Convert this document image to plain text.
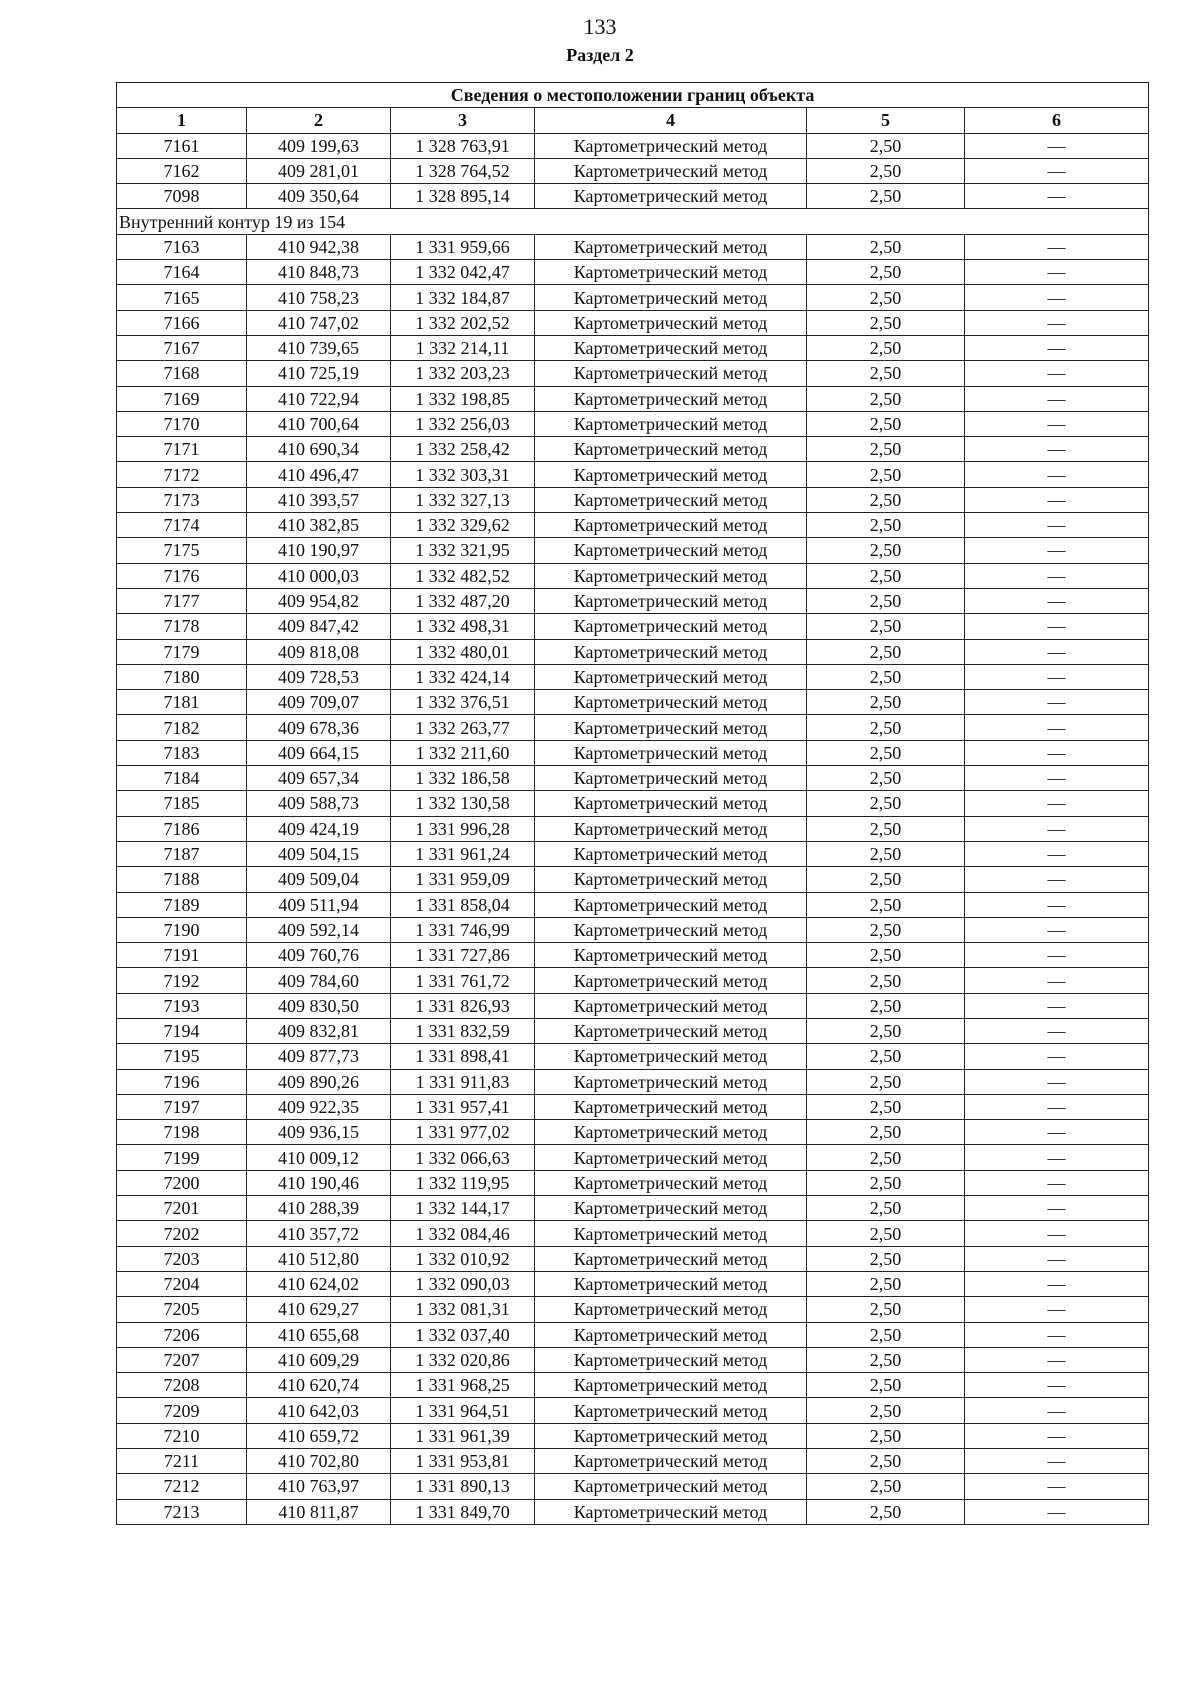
133
Раздел 2
Сведения о местоположении границ объекта					
1	2	3	4	5	6
7161	409 199,63	1 328 763,91	Картометрический метод	2,50	—
7162	409 281,01	1 328 764,52	Картометрический метод	2,50	—
7098	409 350,64	1 328 895,14	Картометрический метод	2,50	—
Внутренний контур 19 из 154					
7163	410 942,38	1 331 959,66	Картометрический метод	2,50	—
7164	410 848,73	1 332 042,47	Картометрический метод	2,50	—
7165	410 758,23	1 332 184,87	Картометрический метод	2,50	—
7166	410 747,02	1 332 202,52	Картометрический метод	2,50	—
7167	410 739,65	1 332 214,11	Картометрический метод	2,50	—
7168	410 725,19	1 332 203,23	Картометрический метод	2,50	—
7169	410 722,94	1 332 198,85	Картометрический метод	2,50	—
7170	410 700,64	1 332 256,03	Картометрический метод	2,50	—
7171	410 690,34	1 332 258,42	Картометрический метод	2,50	—
7172	410 496,47	1 332 303,31	Картометрический метод	2,50	—
7173	410 393,57	1 332 327,13	Картометрический метод	2,50	—
7174	410 382,85	1 332 329,62	Картометрический метод	2,50	—
7175	410 190,97	1 332 321,95	Картометрический метод	2,50	—
7176	410 000,03	1 332 482,52	Картометрический метод	2,50	—
7177	409 954,82	1 332 487,20	Картометрический метод	2,50	—
7178	409 847,42	1 332 498,31	Картометрический метод	2,50	—
7179	409 818,08	1 332 480,01	Картометрический метод	2,50	—
7180	409 728,53	1 332 424,14	Картометрический метод	2,50	—
7181	409 709,07	1 332 376,51	Картометрический метод	2,50	—
7182	409 678,36	1 332 263,77	Картометрический метод	2,50	—
7183	409 664,15	1 332 211,60	Картометрический метод	2,50	—
7184	409 657,34	1 332 186,58	Картометрический метод	2,50	—
7185	409 588,73	1 332 130,58	Картометрический метод	2,50	—
7186	409 424,19	1 331 996,28	Картометрический метод	2,50	—
7187	409 504,15	1 331 961,24	Картометрический метод	2,50	—
7188	409 509,04	1 331 959,09	Картометрический метод	2,50	—
7189	409 511,94	1 331 858,04	Картометрический метод	2,50	—
7190	409 592,14	1 331 746,99	Картометрический метод	2,50	—
7191	409 760,76	1 331 727,86	Картометрический метод	2,50	—
7192	409 784,60	1 331 761,72	Картометрический метод	2,50	—
7193	409 830,50	1 331 826,93	Картометрический метод	2,50	—
7194	409 832,81	1 331 832,59	Картометрический метод	2,50	—
7195	409 877,73	1 331 898,41	Картометрический метод	2,50	—
7196	409 890,26	1 331 911,83	Картометрический метод	2,50	—
7197	409 922,35	1 331 957,41	Картометрический метод	2,50	—
7198	409 936,15	1 331 977,02	Картометрический метод	2,50	—
7199	410 009,12	1 332 066,63	Картометрический метод	2,50	—
7200	410 190,46	1 332 119,95	Картометрический метод	2,50	—
7201	410 288,39	1 332 144,17	Картометрический метод	2,50	—
7202	410 357,72	1 332 084,46	Картометрический метод	2,50	—
7203	410 512,80	1 332 010,92	Картометрический метод	2,50	—
7204	410 624,02	1 332 090,03	Картометрический метод	2,50	—
7205	410 629,27	1 332 081,31	Картометрический метод	2,50	—
7206	410 655,68	1 332 037,40	Картометрический метод	2,50	—
7207	410 609,29	1 332 020,86	Картометрический метод	2,50	—
7208	410 620,74	1 331 968,25	Картометрический метод	2,50	—
7209	410 642,03	1 331 964,51	Картометрический метод	2,50	—
7210	410 659,72	1 331 961,39	Картометрический метод	2,50	—
7211	410 702,80	1 331 953,81	Картометрический метод	2,50	—
7212	410 763,97	1 331 890,13	Картометрический метод	2,50	—
7213	410 811,87	1 331 849,70	Картометрический метод	2,50	—
